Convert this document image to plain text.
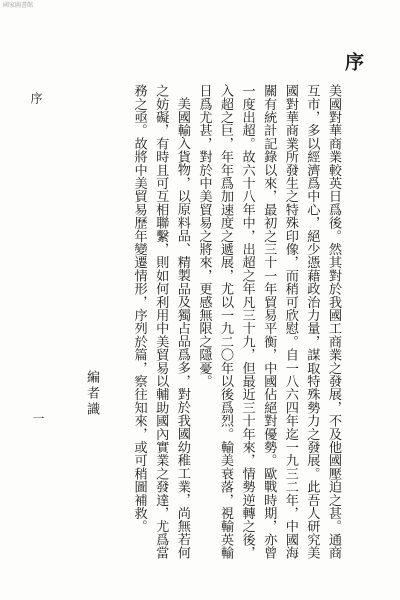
國家圖書館
序

美國對華商業較英日爲後。然其對於我國工商業之發展，不及他國壓迫之甚。通商互市，多以經濟爲中心，絕少憑藉政治力量，謀取特殊勢力之發展。此吾人研究美國對華商業所發生之特殊印像，而稍可欣慰。自一八六四年迄一九三二年，中國海關有統計記錄以來，最初之三十一年貿易平衡，中國佔絕對優勢。歐戰時期，亦曾一度出超。故六十八年中，出超之年凡三十九，但最近三十年來，情勢逆轉之後，入超之巨，年年爲加速度之遞展，尤以一九二〇年以後爲烈。輸美衰落，視輸英輸日爲尤甚，對於中美貿易之將來，更感無限之隱憂。

美國輸入貨物，以原料品、精製品及獨占品爲多，對於我國幼稚工業，尚無若何之妨礙，有時且可互相聯繫，則如何利用中美貿易以輔助國內實業之發達，尤爲當務之亟。故將中美貿易歷年變遷情形，序列於篇，察往知來，或可稍圖補救。

編者識
序
一
